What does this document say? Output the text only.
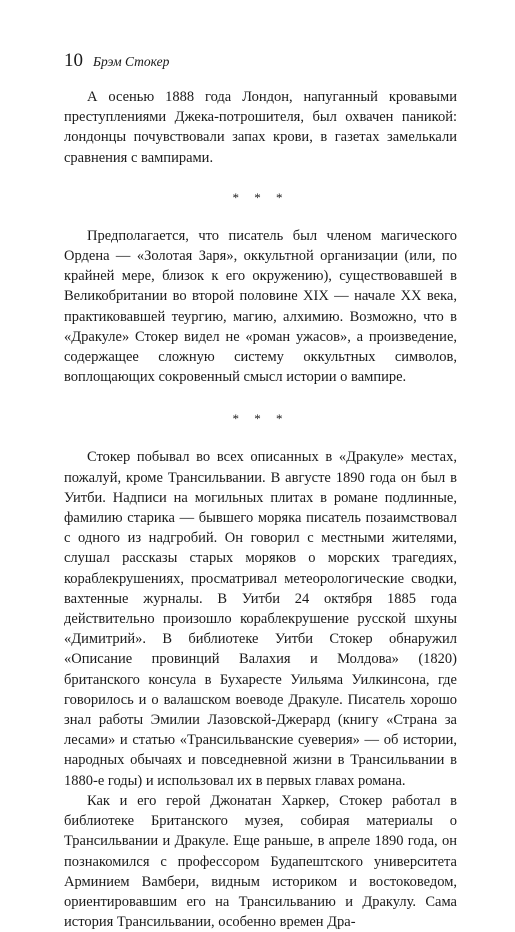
10 Брэм Стокер

А осенью 1888 года Лондон, напуганный кровавыми преступлениями Джека-потрошителя, был охвачен паникой: лондонцы почувствовали запах крови, в газетах замелькали сравнения с вампирами.

* * *

Предполагается, что писатель был членом магического Ордена — «Золотая Заря», оккультной организации (или, по крайней мере, близок к его окружению), существовавшей в Великобритании во второй половине XIX — начале XX века, практиковавшей теургию, магию, алхимию. Возможно, что в «Дракуле» Стокер видел не «роман ужасов», а произведение, содержащее сложную систему оккультных символов, воплощающих сокровенный смысл истории о вампире.

* * *

Стокер побывал во всех описанных в «Дракуле» местах, пожалуй, кроме Трансильвании. В августе 1890 года он был в Уитби. Надписи на могильных плитах в романе подлинные, фамилию старика — бывшего моряка писатель позаимствовал с одного из надгробий. Он говорил с местными жителями, слушал рассказы старых моряков о морских трагедиях, кораблекрушениях, просматривал метеорологические сводки, вахтенные журналы. В Уитби 24 октября 1885 года действительно произошло кораблекрушение русской шхуны «Димитрий». В библиотеке Уитби Стокер обнаружил «Описание провинций Валахия и Молдова» (1820) британского консула в Бухаресте Уильяма Уилкинсона, где говорилось и о валашском воеводе Дракуле. Писатель хорошо знал работы Эмилии Лазовской-Джерард (книгу «Страна за лесами» и статью «Трансильванские суеверия» — об истории, народных обычаях и повседневной жизни в Трансильвании в 1880-е годы) и использовал их в первых главах романа.

Как и его герой Джонатан Харкер, Стокер работал в библиотеке Британского музея, собирая материалы о Трансильвании и Дракуле. Еще раньше, в апреле 1890 года, он познакомился с профессором Будапештского университета Арминием Вамбери, видным историком и востоковедом, ориентировавшим его на Трансильванию и Дракулу. Сама история Трансильвании, особенно времен Дра-
